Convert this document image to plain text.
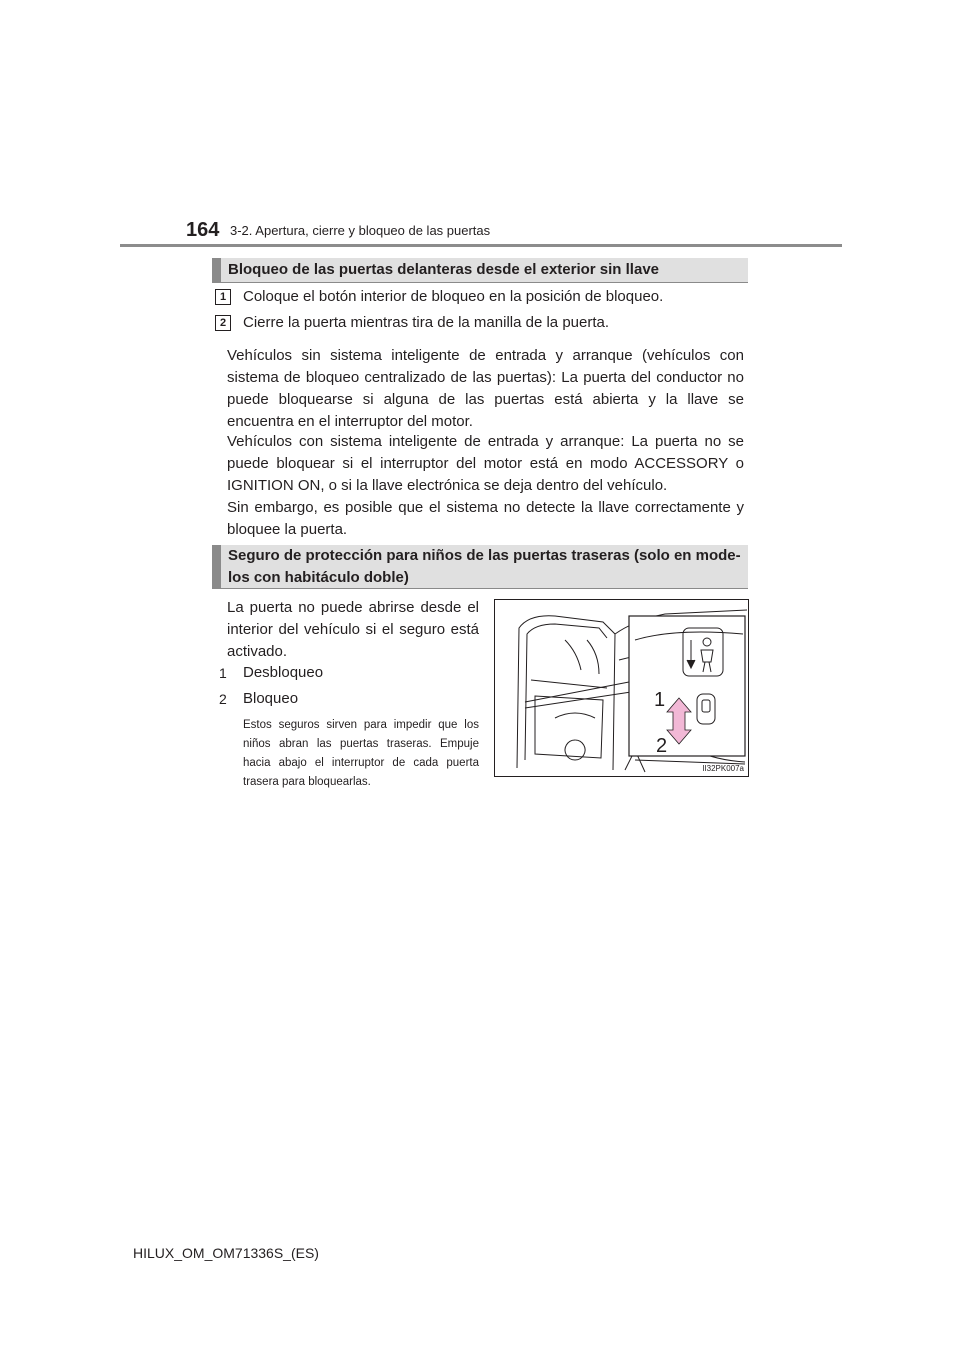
164 3-2. Apertura, cierre y bloqueo de las puertas
Bloqueo de las puertas delanteras desde el exterior sin llave
1	Coloque el botón interior de bloqueo en la posición de bloqueo.
2	Cierre la puerta mientras tira de la manilla de la puerta.

Vehículos sin sistema inteligente de entrada y arranque (vehículos con sistema de bloqueo centralizado de las puertas): La puerta del conductor no puede bloquearse si alguna de las puertas está abierta y la llave se encuentra en el interruptor del motor.

Vehículos con sistema inteligente de entrada y arranque: La puerta no se puede bloquear si el interruptor del motor está en modo ACCESSORY o IGNITION ON, o si la llave electrónica se deja dentro del vehículo.

Sin embargo, es posible que el sistema no detecte la llave correctamente y bloquee la puerta.

Seguro de protección para niños de las puertas traseras (solo en mode-
los con habitáculo doble)

La puerta no puede abrirse desde el interior del vehículo si el seguro está activado.

1 Desbloqueo
2 Bloqueo

Estos seguros sirven para impedir que los niños abran las puertas traseras. Empuje hacia abajo el interruptor de cada puerta trasera para bloquearlas.

1
2
II32PK007a
HILUX_OM_OM71336S_(ES)
